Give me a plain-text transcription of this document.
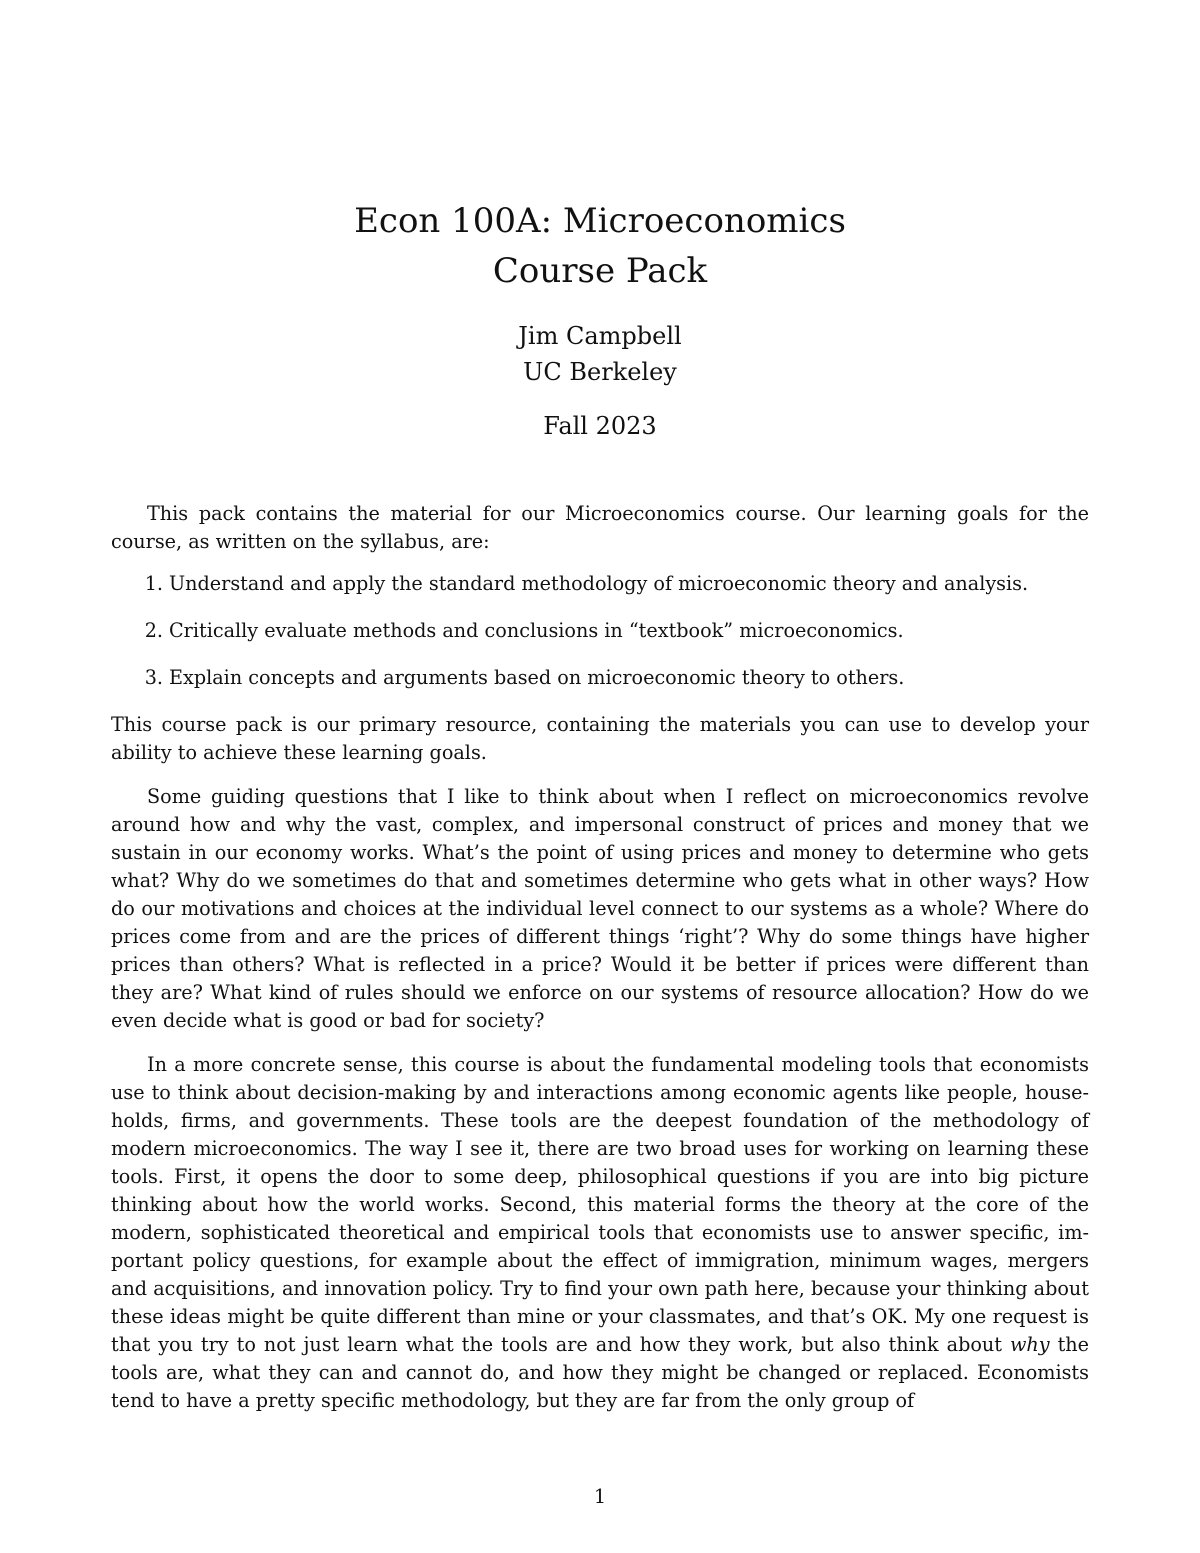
Econ 100A: Microeconomics
Course Pack
Jim Campbell
UC Berkeley
Fall 2023

This pack contains the material for our Microeconomics course. Our learning goals for the course, as written on the syllabus, are:

1. Understand and apply the standard methodology of microeconomic theory and analysis.
2. Critically evaluate methods and conclusions in “textbook” microeconomics.
3. Explain concepts and arguments based on microeconomic theory to others.

This course pack is our primary resource, containing the materials you can use to develop your ability to achieve these learning goals.

Some guiding questions that I like to think about when I reflect on microeconomics revolve around how and why the vast, complex, and impersonal construct of prices and money that we sustain in our economy works. What’s the point of using prices and money to determine who gets what? Why do we sometimes do that and sometimes determine who gets what in other ways? How do our motivations and choices at the individual level connect to our systems as a whole? Where do prices come from and are the prices of different things ‘right’? Why do some things have higher prices than others? What is reflected in a price? Would it be better if prices were different than they are? What kind of rules should we enforce on our systems of resource allocation? How do we even decide what is good or bad for society?

In a more concrete sense, this course is about the fundamental modeling tools that economists use to think about decision-making by and interactions among economic agents like people, households, firms, and governments. These tools are the deepest foundation of the methodology of modern microeconomics. The way I see it, there are two broad uses for working on learning these tools. First, it opens the door to some deep, philosophical questions if you are into big picture thinking about how the world works. Second, this material forms the theory at the core of the modern, sophisticated theoretical and empirical tools that economists use to answer specific, important policy questions, for example about the effect of immigration, minimum wages, mergers and acquisitions, and innovation policy. Try to find your own path here, because your thinking about these ideas might be quite different than mine or your classmates, and that’s OK. My one request is that you try to not just learn what the tools are and how they work, but also think about why the tools are, what they can and cannot do, and how they might be changed or replaced. Economists tend to have a pretty specific methodology, but they are far from the only group of

1
